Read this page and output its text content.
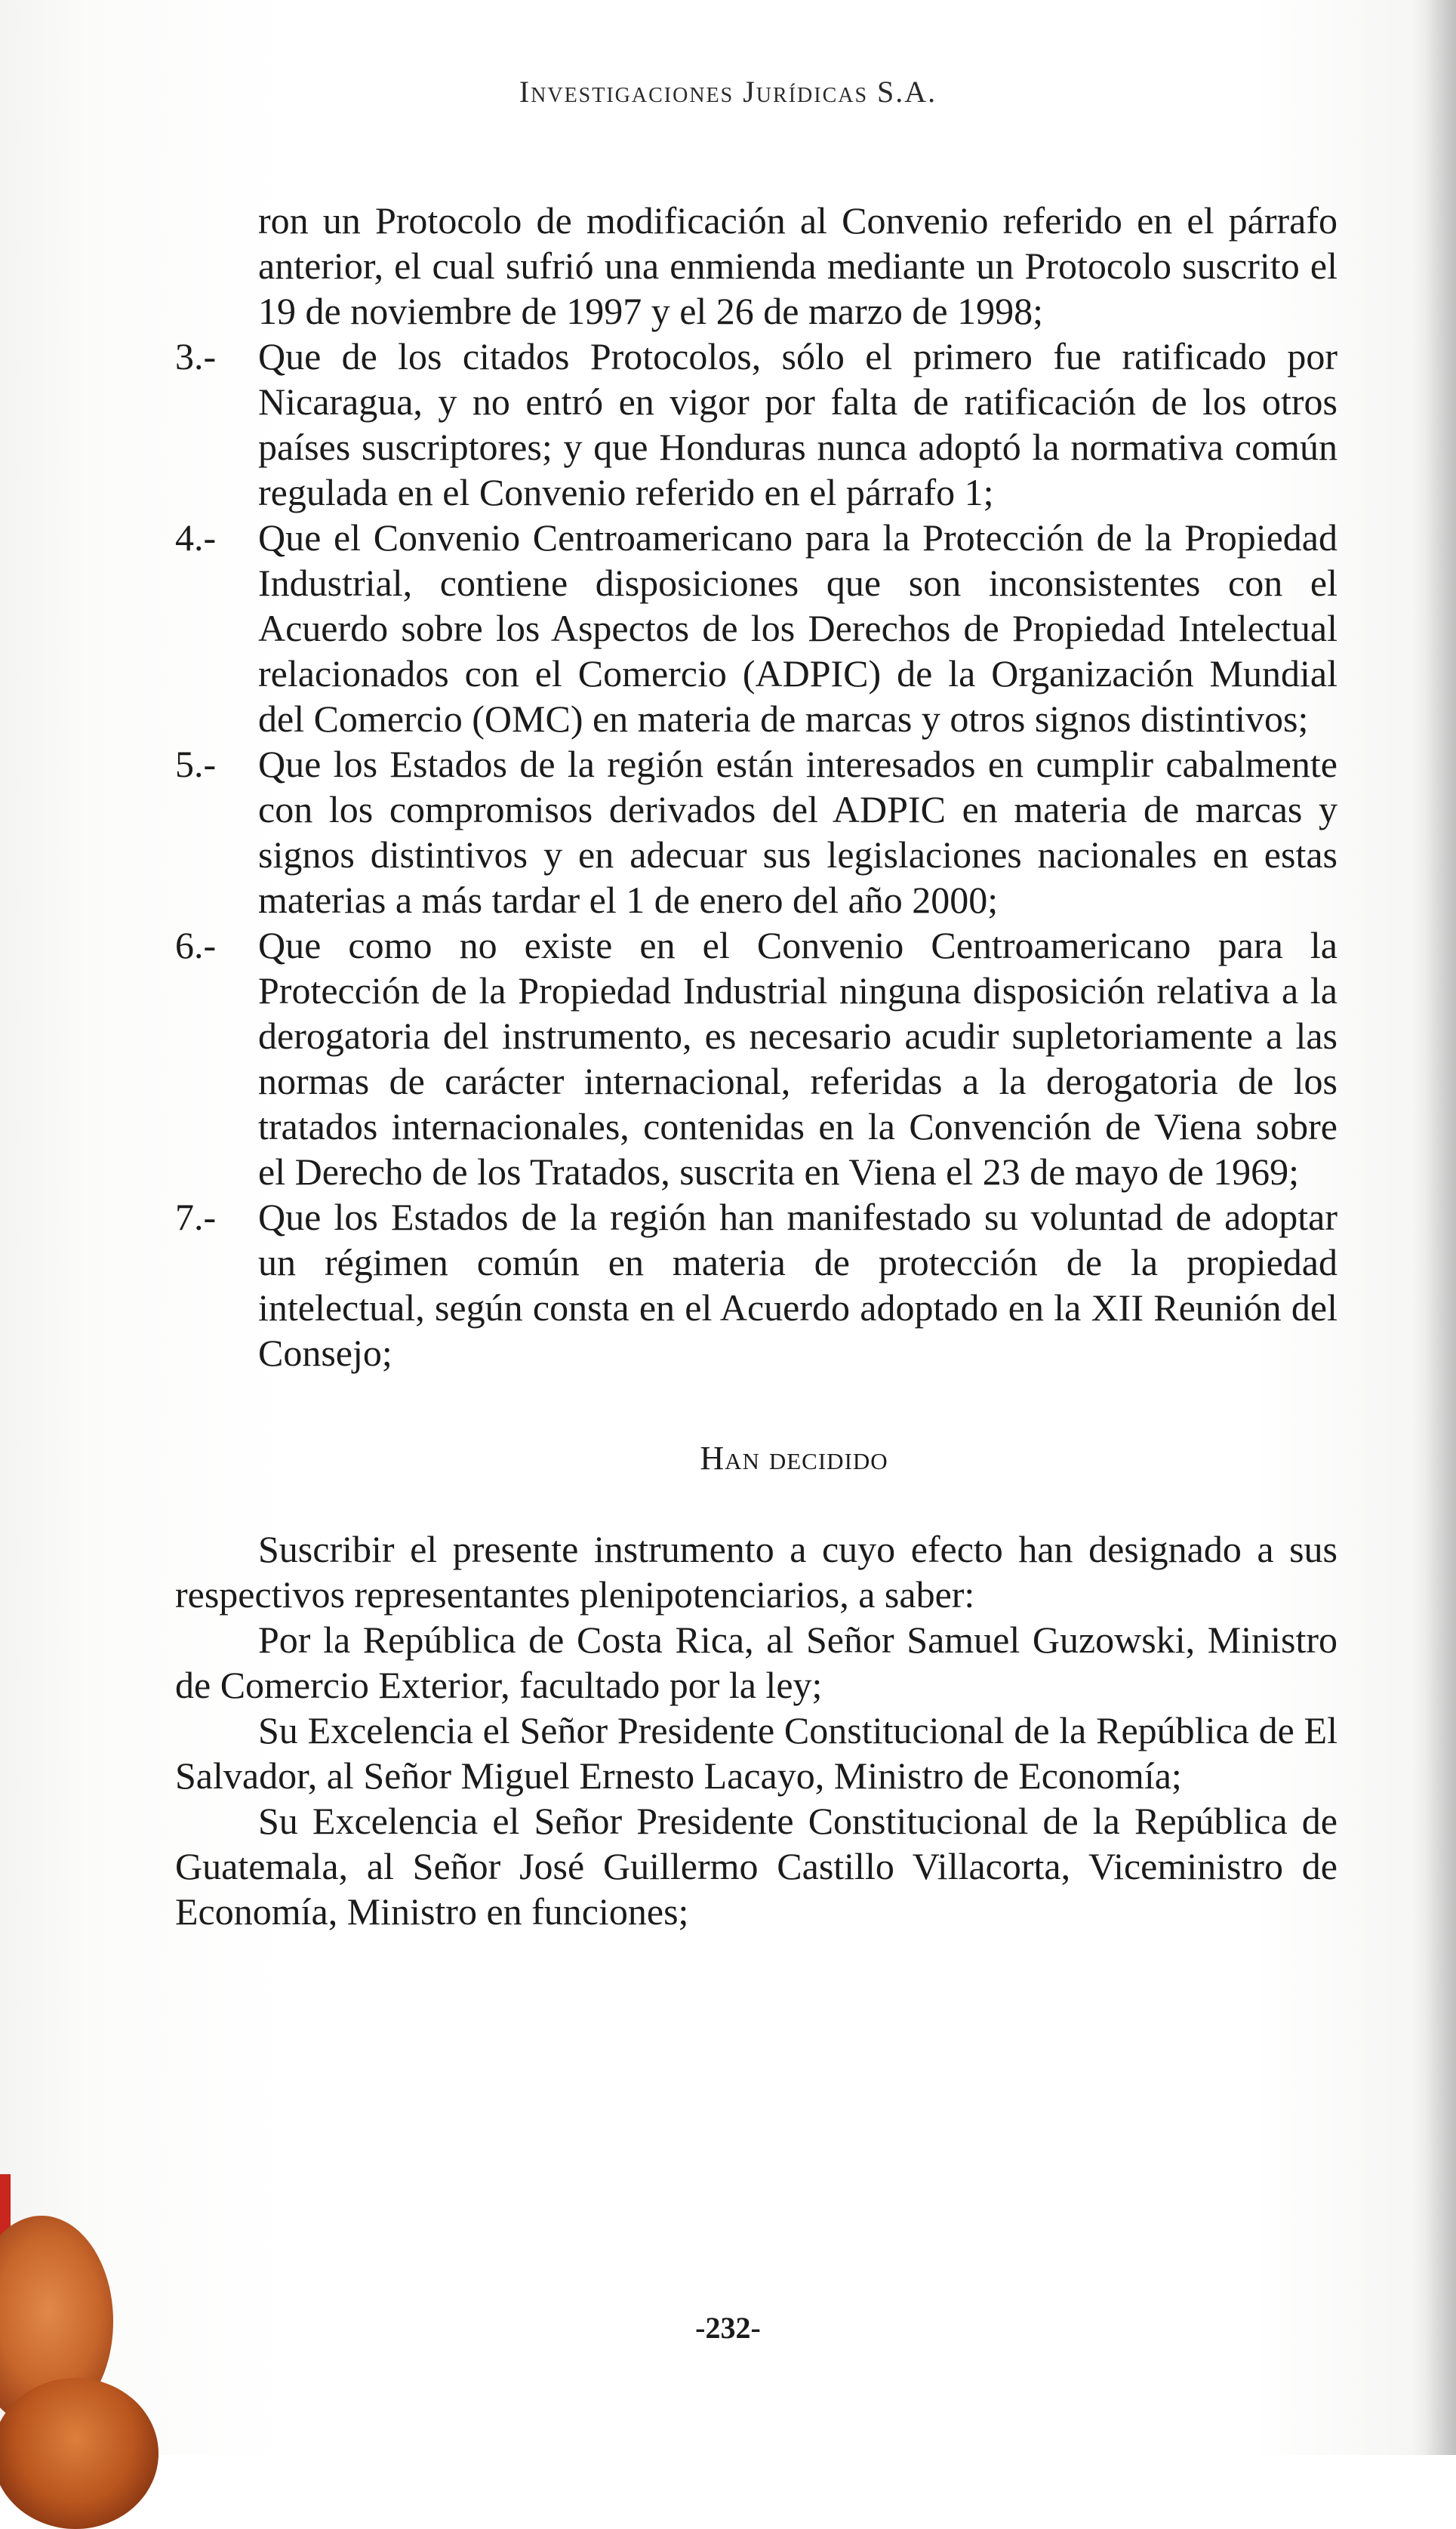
Investigaciones Jurídicas S.A.

ron un Protocolo de modificación al Convenio referido en el párrafo anterior, el cual sufrió una enmienda mediante un Protocolo suscrito el 19 de noviembre de 1997 y el 26 de marzo de 1998;

3.-	Que de los citados Protocolos, sólo el primero fue ratificado por Nicaragua, y no entró en vigor por falta de ratificación de los otros países suscriptores; y que Honduras nunca adoptó la normativa común regulada en el Convenio referido en el párrafo 1;

4.-	Que el Convenio Centroamericano para la Protección de la Propiedad Industrial, contiene disposiciones que son inconsistentes con el Acuerdo sobre los Aspectos de los Derechos de Propiedad Intelectual relacionados con el Comercio (ADPIC) de la Organización Mundial del Comercio (OMC) en materia de marcas y otros signos distintivos;

5.-	Que los Estados de la región están interesados en cumplir cabalmente con los compromisos derivados del ADPIC en materia de marcas y signos distintivos y en adecuar sus legislaciones nacionales en estas materias a más tardar el 1 de enero del año 2000;

6.-	Que como no existe en el Convenio Centroamericano para la Protección de la Propiedad Industrial ninguna disposición relativa a la derogatoria del instrumento, es necesario acudir supletoriamente a las normas de carácter internacional, referidas a la derogatoria de los tratados internacionales, contenidas en la Convención de Viena sobre el Derecho de los Tratados, suscrita en Viena el 23 de mayo de 1969;

7.-	Que los Estados de la región han manifestado su voluntad de adoptar un régimen común en materia de protección de la propiedad intelectual, según consta en el Acuerdo adoptado en la XII Reunión del Consejo;

Han decidido

Suscribir el presente instrumento a cuyo efecto han designado a sus respectivos representantes plenipotenciarios, a saber:

Por la República de Costa Rica, al Señor Samuel Guzowski, Ministro de Comercio Exterior, facultado por la ley;

Su Excelencia el Señor Presidente Constitucional de la República de El Salvador, al Señor Miguel Ernesto Lacayo, Ministro de Economía;

Su Excelencia el Señor Presidente Constitucional de la República de Guatemala, al Señor José Guillermo Castillo Villacorta, Viceministro de Economía, Ministro en funciones;

-232-
